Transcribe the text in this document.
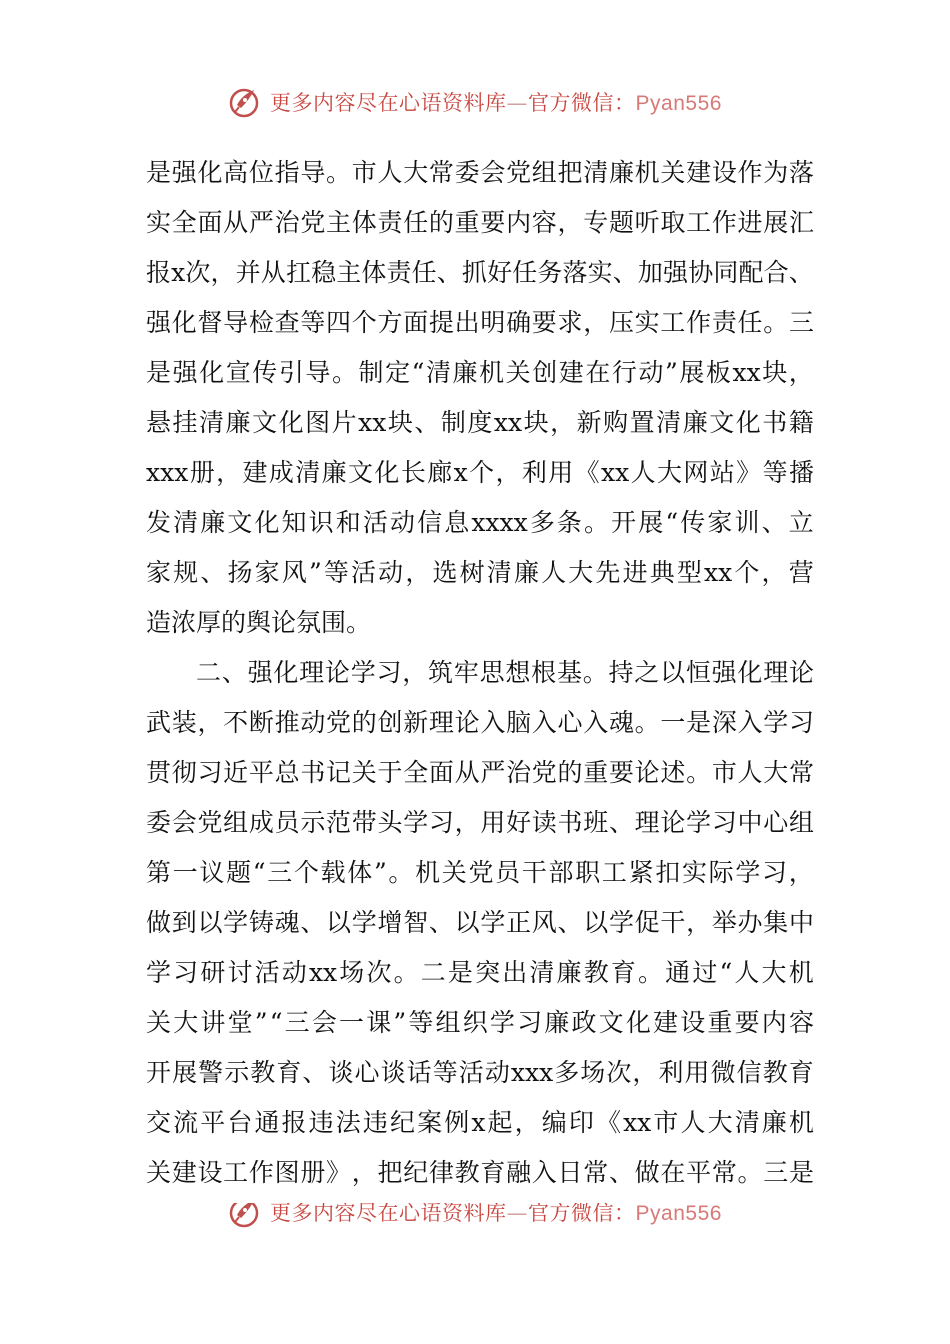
更多内容尽在心语资料库—官方微信：Pyan556
是 强 化 高 位 指 导 。 市 人 大 常 委 会 党 组 把 清 廉 机 关 建 设 作 为 落
实 全 面 从 严 治 党 主 体 责 任 的 重 要 内 容 ， 专 题 听 取 工 作 进 展 汇
报 x 次 ， 并 从 扛 稳 主 体 责 任 、 抓 好 任 务 落 实 、 加 强 协 同 配 合 、
强 化 督 导 检 查 等 四 个 方 面 提 出 明 确 要 求 ， 压 实 工 作 责 任 。 三
是 强 化 宣 传 引 导 。 制 定 “ 清 廉 机 关 创 建 在 行 动 ” 展 板 xx 块 ，
悬 挂 清 廉 文 化 图 片 xx 块 、 制 度 xx 块 ， 新 购 置 清 廉 文 化 书 籍
xxx 册 ， 建 成 清 廉 文 化 长 廊 x 个 ， 利 用 《 xx 人 大 网 站 》 等 播
发 清 廉 文 化 知 识 和 活 动 信 息 xxxx 多 条 。 开 展 “ 传 家 训 、 立
家 规 、 扬 家 风 ” 等 活 动 ， 选 树 清 廉 人 大 先 进 典 型 xx 个 ， 营
造浓厚的舆论氛围。
二 、 强 化 理 论 学 习 ， 筑 牢 思 想 根 基 。 持 之 以 恒 强 化 理 论
武 装 ， 不 断 推 动 党 的 创 新 理 论 入 脑 入 心 入 魂 。 一 是 深 入 学 习
贯 彻 习 近 平 总 书 记 关 于 全 面 从 严 治 党 的 重 要 论 述 。 市 人 大 常
委 会 党 组 成 员 示 范 带 头 学 习 ， 用 好 读 书 班 、 理 论 学 习 中 心 组
第 一 议 题 “ 三 个 载 体 ” 。 机 关 党 员 干 部 职 工 紧 扣 实 际 学 习 ，
做 到 以 学 铸 魂 、 以 学 增 智 、 以 学 正 风 、 以 学 促 干 ， 举 办 集 中
学 习 研 讨 活 动 xx 场 次 。 二 是 突 出 清 廉 教 育 。 通 过 “ 人 大 机
关 大 讲 堂 ” “ 三 会 一 课 ” 等 组 织 学 习 廉 政 文 化 建 设 重 要 内 容
开 展 警 示 教 育 、 谈 心 谈 话 等 活 动 xxx 多 场 次 ， 利 用 微 信 教 育
交 流 平 台 通 报 违 法 违 纪 案 例 x 起 ， 编 印 《 xx 市 人 大 清 廉 机
关 建 设 工 作 图 册 》 ， 把 纪 律 教 育 融 入 日 常 、 做 在 平 常 。 三 是
更多内容尽在心语资料库—官方微信：Pyan556
